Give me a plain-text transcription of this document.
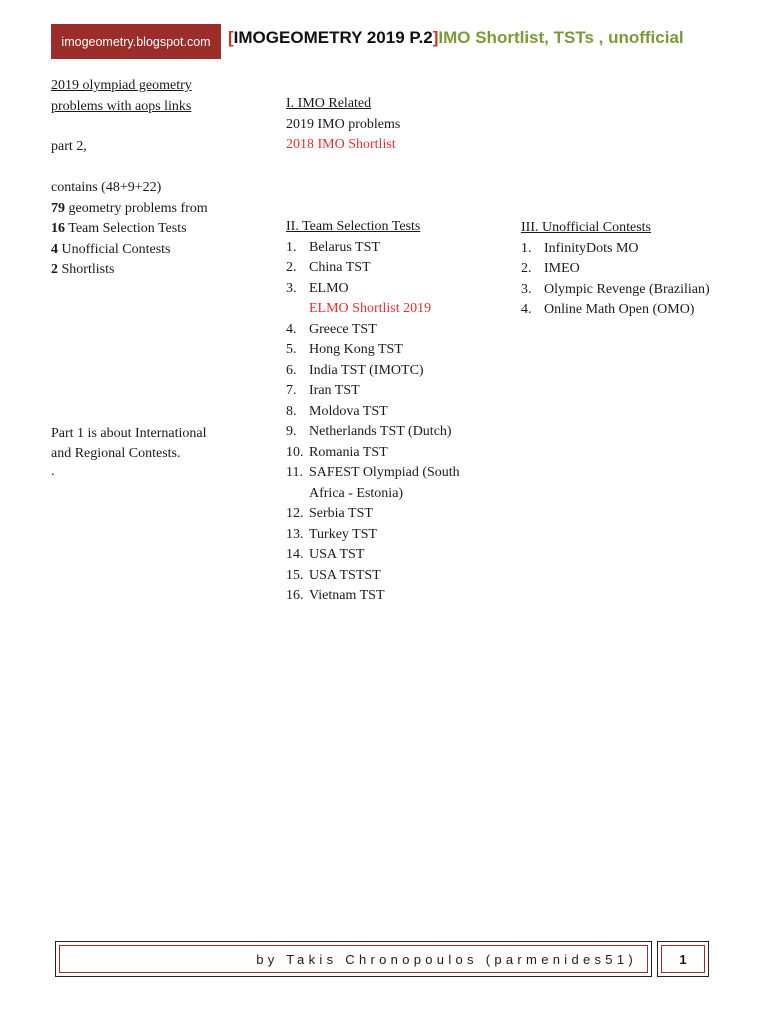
imogeometry.blogspot.com	[IMOGEOMETRY 2019 P.2]IMO Shortlist, TSTs , unofficial
2019 olympiad geometry
problems with aops links
part 2,
contains (48+9+22)
79 geometry problems from
16 Team Selection Tests
4 Unofficial Contests
2 Shortlists
Part 1 is about International
and Regional Contests.
.
I. IMO Related
2019 IMO problems
2018 IMO Shortlist
II. Team Selection Tests
1. Belarus TST
2. China TST
3. ELMO
ELMO Shortlist 2019
4. Greece TST
5. Hong Kong TST
6. India TST (IMOTC)
7. Iran TST
8. Moldova TST
9. Netherlands TST (Dutch)
10. Romania TST
11. SAFEST Olympiad (South Africa - Estonia)
12. Serbia TST
13. Turkey TST
14. USA TST
15. USA TSTST
16. Vietnam TST
III. Unofficial Contests
1. InfinityDots MO
2. IMEO
3. Olympic Revenge (Brazilian)
4. Online Math Open (OMO)
by Takis Chronopoulos (parmenides51)	1
